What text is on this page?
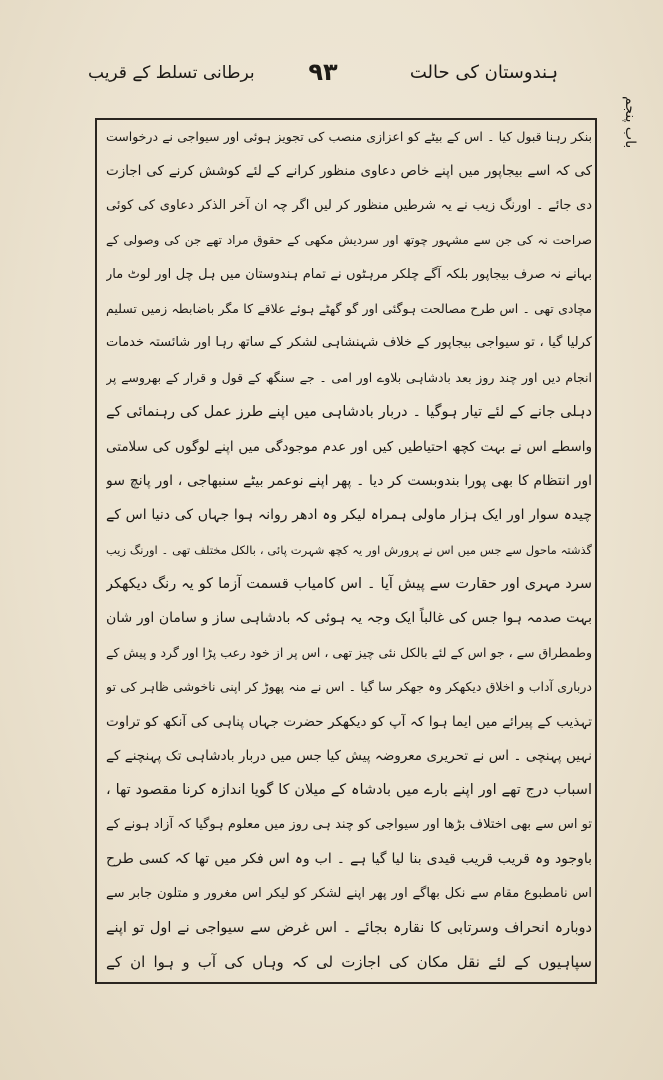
ہندوستان کی حالت
۹۳
برطانی تسلط کے قریب
باب پنجم
بنکر رہنا قبول کیا ۔ اس کے بیٹے کو اعزازی منصب کی تجویز ہوئی اور سیواجی نے درخواست
کی کہ اسے بیجاپور میں اپنے خاص دعاوی منظور کرانے کے لئے کوشش کرنے کی اجازت
دی جائے ۔ اورنگ زیب نے یہ شرطیں منظور کر لیں اگر چہ ان آخر الذکر دعاوی کی کوئی
صراحت نہ کی جن سے مشہور چوتھ اور سردیش مکھی کے حقوق مراد تھے جن کی وصولی کے
بہانے نہ صرف بیجاپور بلکہ آگے چلکر مرہٹوں نے تمام ہندوستان میں ہل چل اور لوٹ مار
مچادی تھی ۔ اس طرح مصالحت ہوگئی اور گو گھٹے ہوئے علاقے کا مگر باضابطہ زمیں تسلیم
کرلیا گیا ، تو سیواجی بیجاپور کے خلاف شہنشاہی لشکر کے ساتھ رہا اور شائستہ خدمات
انجام دیں اور چند روز بعد بادشاہی بلاوے اور امی ۔ جے سنگھ کے قول و قرار کے بھروسے پر
دہلی جانے کے لئے تیار ہوگیا ۔ دربار بادشاہی میں اپنے طرز عمل کی رہنمائی کے
واسطے اس نے بہت کچھ احتیاطیں کیں اور عدم موجودگی میں اپنے لوگوں کی سلامتی
اور انتظام کا بھی پورا بندوبست کر دیا ۔ پھر اپنے نوعمر بیٹے سنبھاجی ، اور پانچ سو
چیدہ سوار اور ایک ہزار ماولی ہمراہ لیکر وہ ادھر روانہ ہوا جہاں کی دنیا اس کے
گذشتہ ماحول سے جس میں اس نے پرورش اور یہ کچھ شہرت پائی ، بالکل مختلف تھی ۔ اورنگ زیب
سرد مہری اور حقارت سے پیش آیا ۔ اس کامیاب قسمت آزما کو یہ رنگ دیکھکر
بہت صدمہ ہوا جس کی غالباً ایک وجہ یہ ہوئی کہ بادشاہی ساز و سامان اور شان
وطمطراق سے ، جو اس کے لئے بالکل نئی چیز تھی ، اس پر از خود رعب پڑا اور گرد و پیش کے
درباری آداب و اخلاق دیکھکر وہ جھکر سا گیا ۔ اس نے منہ پھوڑ کر اپنی ناخوشی ظاہر کی تو
تہذیب کے پیرائے میں ایما ہوا کہ آپ کو دیکھکر حضرت جہاں پناہی کی آنکھ کو تراوت
نہیں پہنچی ۔ اس نے تحریری معروضہ پیش کیا جس میں دربار بادشاہی تک پہنچنے کے
اسباب درج تھے اور اپنے بارے میں بادشاہ کے میلان کا گویا اندازہ کرنا مقصود تھا ،
تو اس سے بھی اختلاف بڑھا اور سیواجی کو چند ہی روز میں معلوم ہوگیا کہ آزاد ہونے کے
باوجود وہ قریب قریب قیدی بنا لیا گیا ہے ۔ اب وہ اس فکر میں تھا کہ کسی طرح
اس نامطبوع مقام سے نکل بھاگے اور پھر اپنے لشکر کو لیکر اس مغرور و متلون جابر سے
دوبارہ انحراف وسرتابی کا نقارہ بجائے ۔ اس غرض سے سیواجی نے اول تو اپنے
سپاہیوں کے لئے نقل مکان کی اجازت لی کہ وہاں کی آب و ہوا ان کے
